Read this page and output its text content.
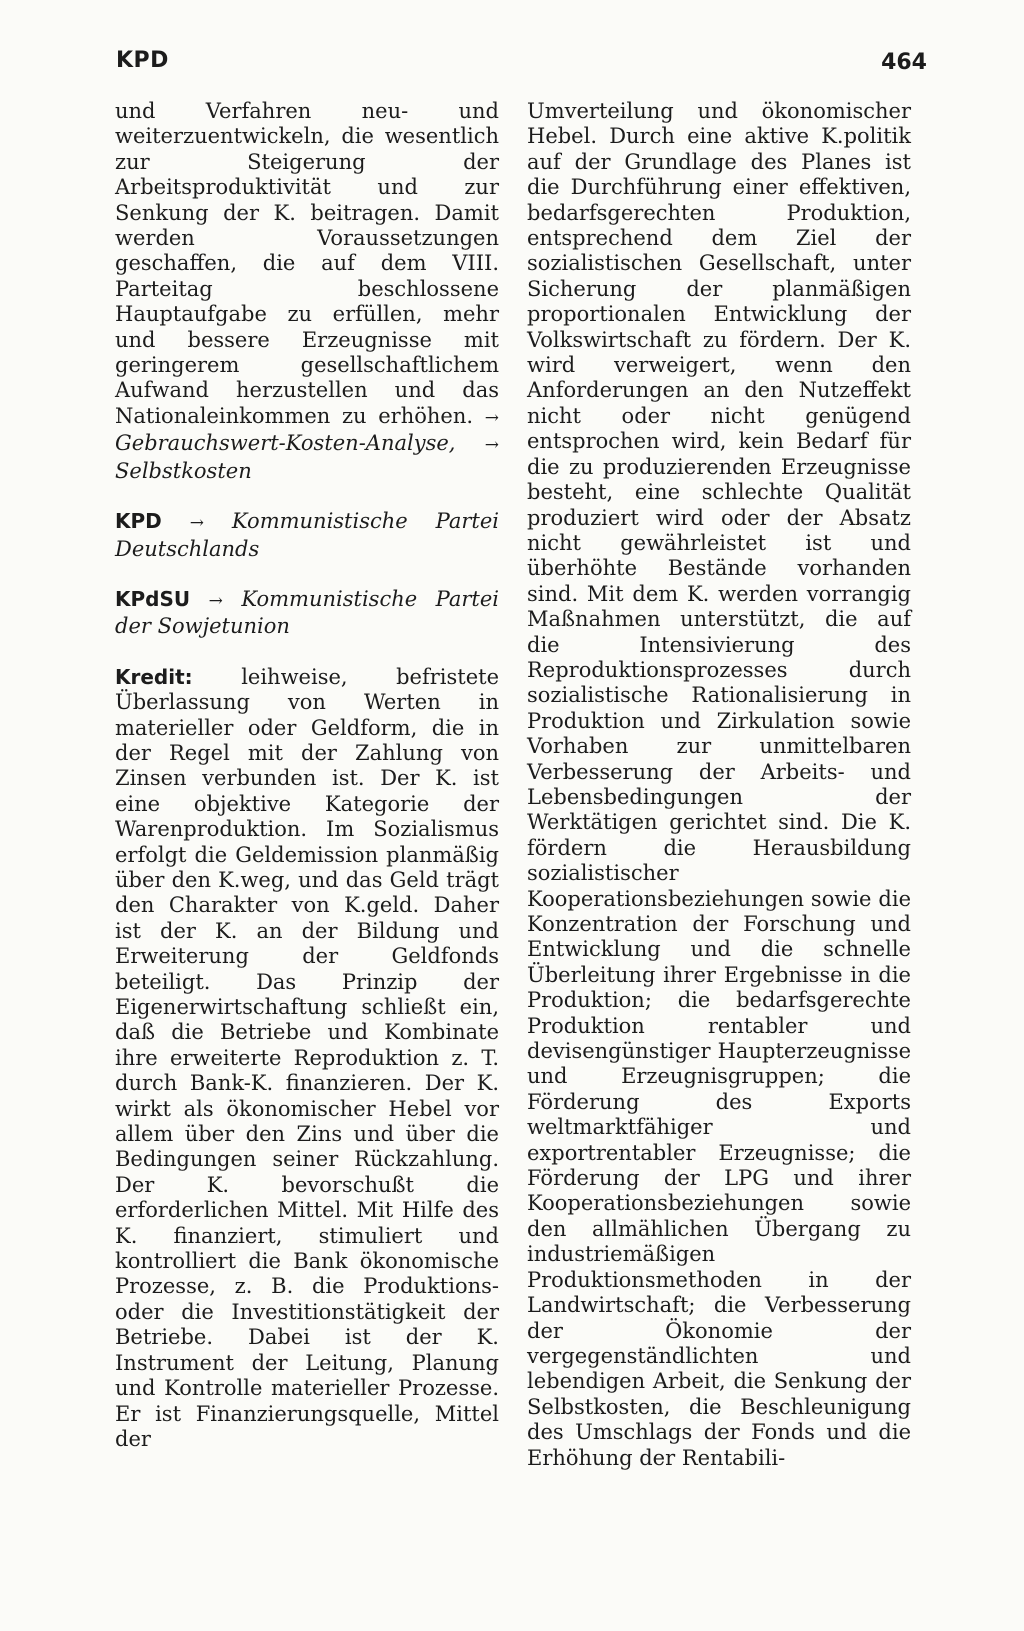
KPD	464

und Verfahren neu- und weiterzuentwickeln, die wesentlich zur Steigerung der Arbeitsproduktivität und zur Senkung der K. beitragen. Damit werden Voraussetzungen geschaffen, die auf dem VIII. Parteitag beschlossene Hauptaufgabe zu erfüllen, mehr und bessere Erzeugnisse mit geringerem gesellschaftlichem Aufwand herzustellen und das Nationaleinkommen zu erhöhen. → Gebrauchswert-Kosten-Analyse, → Selbstkosten

KPD → Kommunistische Partei Deutschlands

KPdSU → Kommunistische Partei der Sowjetunion

Kredit: leihweise, befristete Überlassung von Werten in materieller oder Geldform, die in der Regel mit der Zahlung von Zinsen verbunden ist. Der K. ist eine objektive Kategorie der Warenproduktion. Im Sozialismus erfolgt die Geldemission planmäßig über den K.weg, und das Geld trägt den Charakter von K.geld. Daher ist der K. an der Bildung und Erweiterung der Geldfonds beteiligt. Das Prinzip der Eigenerwirtschaftung schließt ein, daß die Betriebe und Kombinate ihre erweiterte Reproduktion z. T. durch Bank-K. finanzieren. Der K. wirkt als ökonomischer Hebel vor allem über den Zins und über die Bedingungen seiner Rückzahlung. Der K. bevorschußt die erforderlichen Mittel. Mit Hilfe des K. finanziert, stimuliert und kontrolliert die Bank ökonomische Prozesse, z. B. die Produktions- oder die Investitionstätigkeit der Betriebe. Dabei ist der K. Instrument der Leitung, Planung und Kontrolle materieller Prozesse. Er ist Finanzierungsquelle, Mittel der

Umverteilung und ökonomischer Hebel. Durch eine aktive K.politik auf der Grundlage des Planes ist die Durchführung einer effektiven, bedarfsgerechten Produktion, entsprechend dem Ziel der sozialistischen Gesellschaft, unter Sicherung der planmäßigen proportionalen Entwicklung der Volkswirtschaft zu fördern. Der K. wird verweigert, wenn den Anforderungen an den Nutzeffekt nicht oder nicht genügend entsprochen wird, kein Bedarf für die zu produzierenden Erzeugnisse besteht, eine schlechte Qualität produziert wird oder der Absatz nicht gewährleistet ist und überhöhte Bestände vorhanden sind. Mit dem K. werden vorrangig Maßnahmen unterstützt, die auf die Intensivierung des Reproduktionsprozesses durch sozialistische Rationalisierung in Produktion und Zirkulation sowie Vorhaben zur unmittelbaren Verbesserung der Arbeits- und Lebensbedingungen der Werktätigen gerichtet sind. Die K. fördern die Herausbildung sozialistischer Kooperationsbeziehungen sowie die Konzentration der Forschung und Entwicklung und die schnelle Überleitung ihrer Ergebnisse in die Produktion; die bedarfsgerechte Produktion rentabler und devisengünstiger Haupterzeugnisse und Erzeugnisgruppen; die Förderung des Exports weltmarktfähiger und exportrentabler Erzeugnisse; die Förderung der LPG und ihrer Kooperationsbeziehungen sowie den allmählichen Übergang zu industriemäßigen Produktionsmethoden in der Landwirtschaft; die Verbesserung der Ökonomie der vergegenständlichten und lebendigen Arbeit, die Senkung der Selbstkosten, die Beschleunigung des Umschlags der Fonds und die Erhöhung der Rentabili-
